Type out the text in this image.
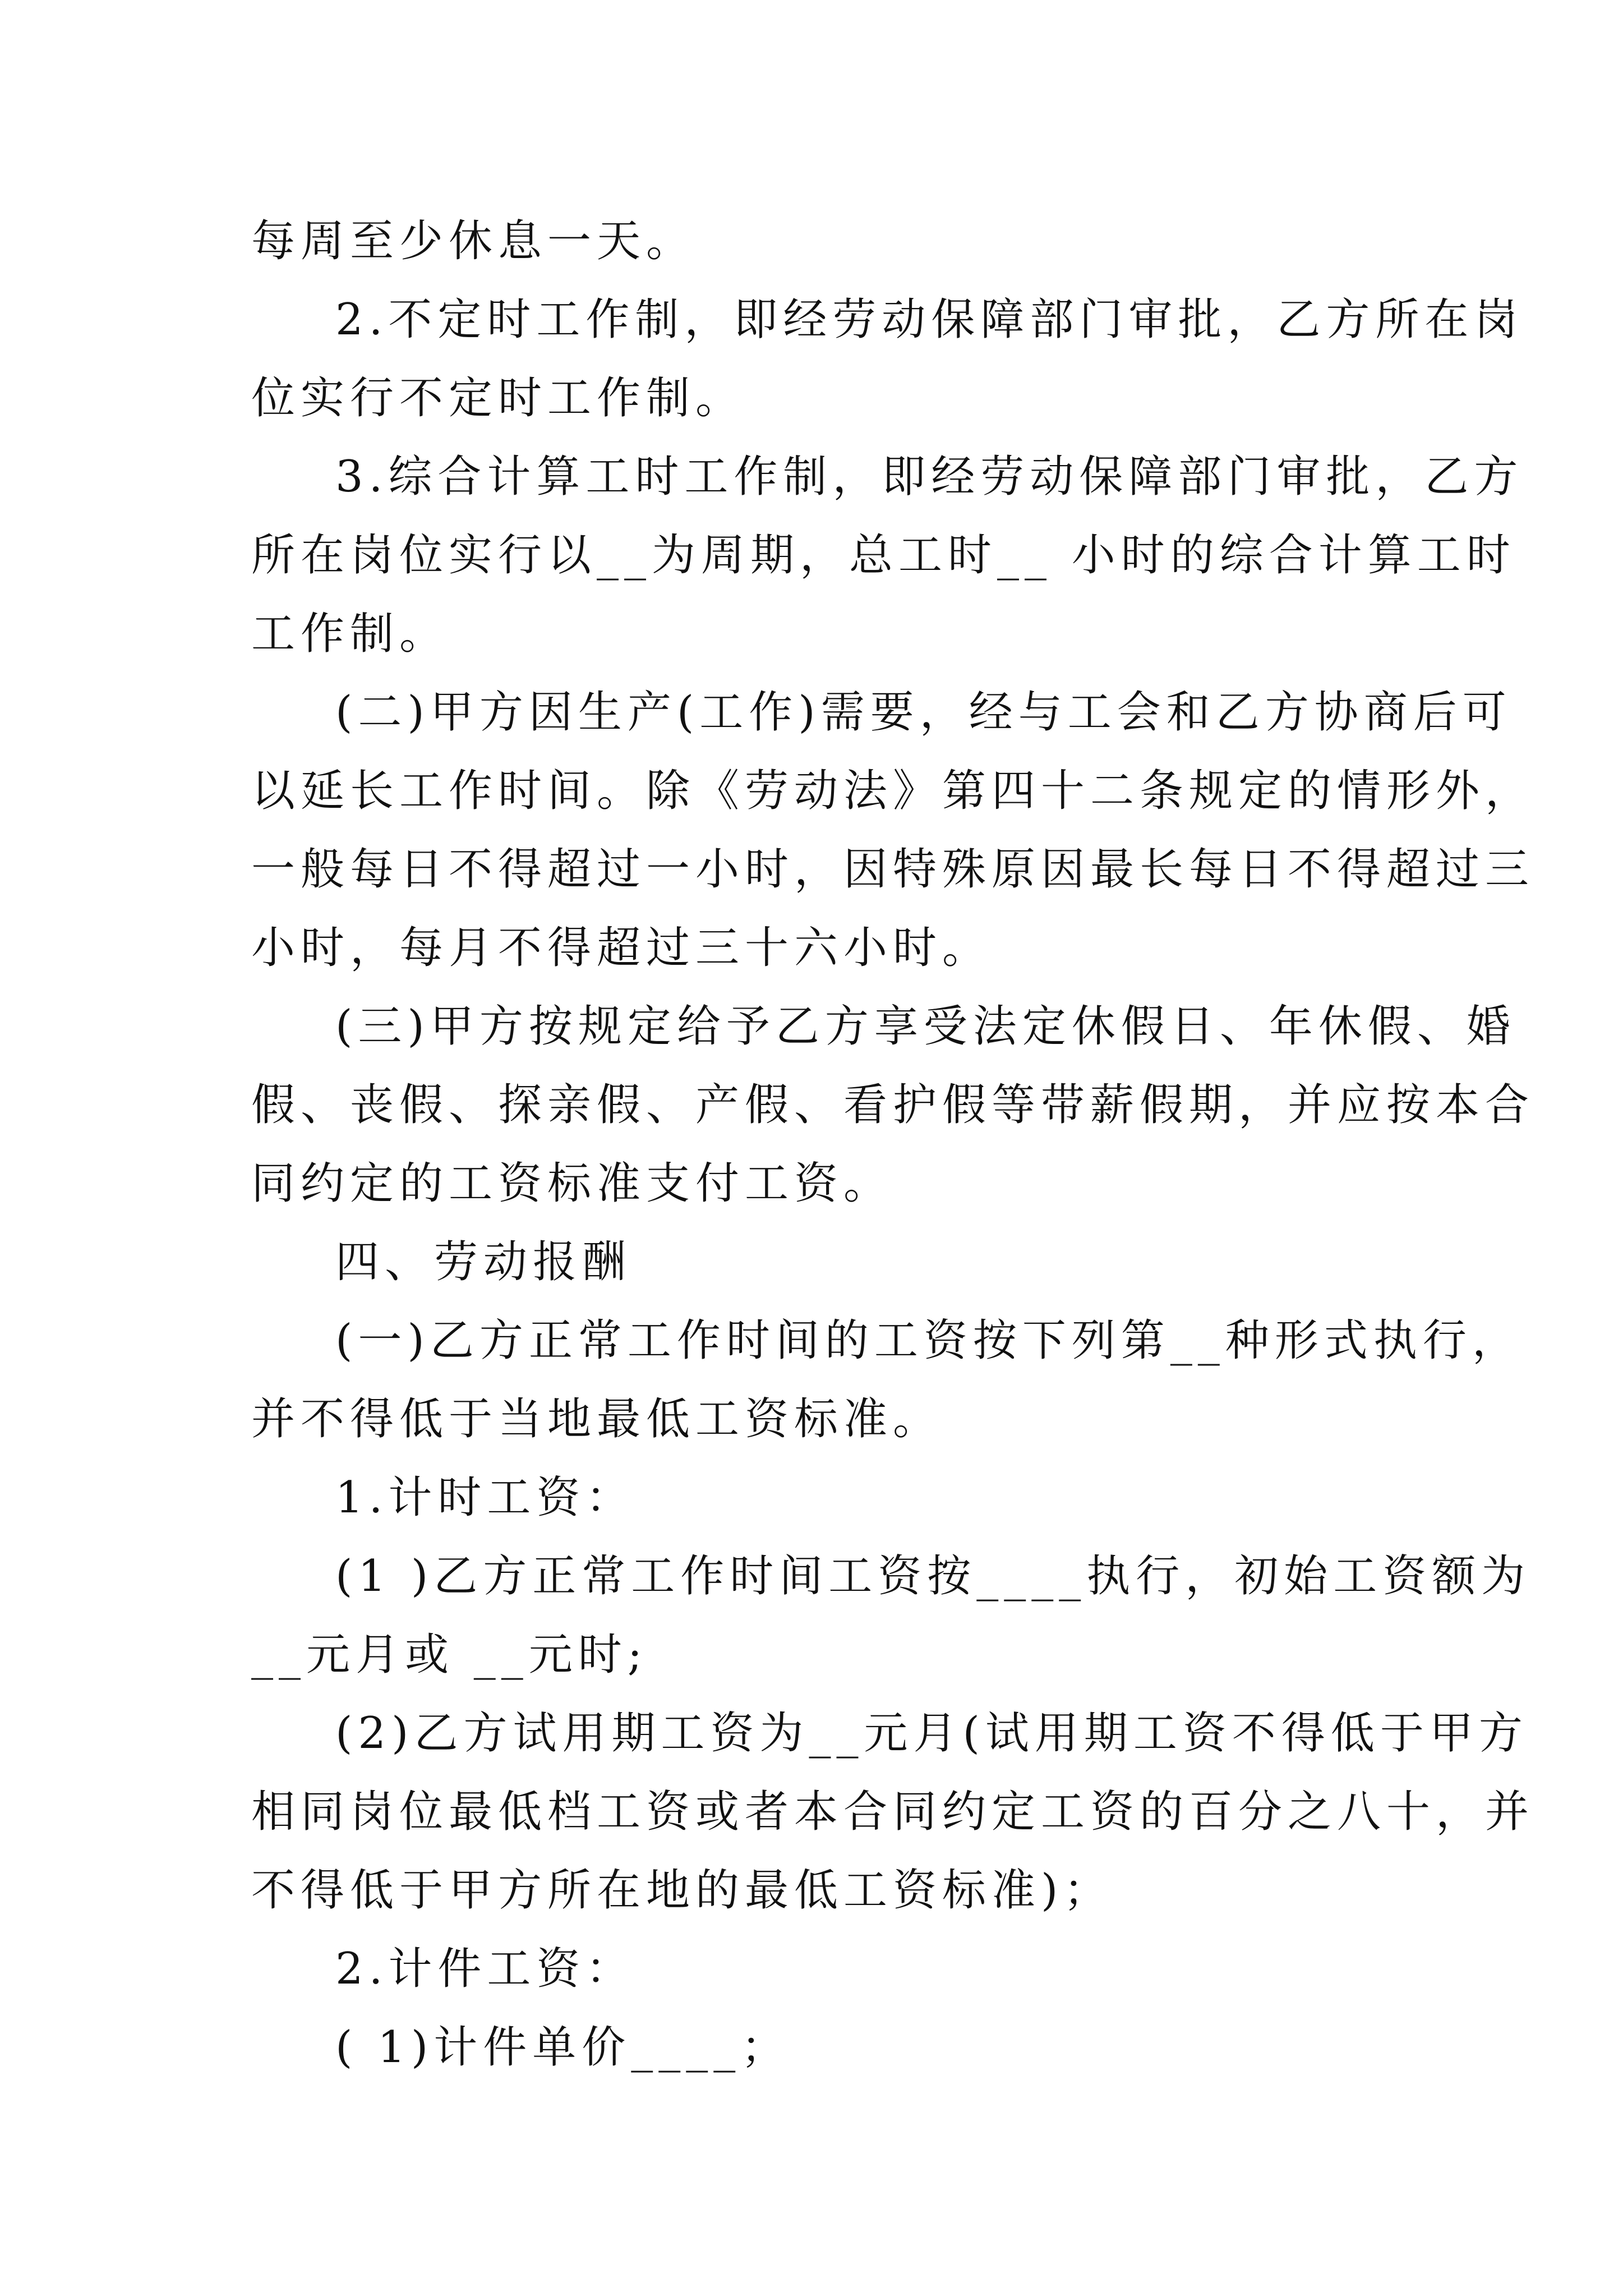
每周至少休息一天。
2.不定时工作制，即经劳动保障部门审批，乙方所在岗
位实行不定时工作制。
3.综合计算工时工作制，即经劳动保障部门审批，乙方
所在岗位实行以__为周期，总工时__ 小时的综合计算工时
工作制。
(二)甲方因生产(工作)需要，经与工会和乙方协商后可
以延长工作时间。除《劳动法》第四十二条规定的情形外，
一般每日不得超过一小时，因特殊原因最长每日不得超过三
小时，每月不得超过三十六小时。
(三)甲方按规定给予乙方享受法定休假日、年休假、婚
假、丧假、探亲假、产假、看护假等带薪假期，并应按本合
同约定的工资标准支付工资。
四、劳动报酬
(一)乙方正常工作时间的工资按下列第__种形式执行，
并不得低于当地最低工资标准。
1.计时工资：
(1 )乙方正常工作时间工资按____执行，初始工资额为
__元月或 __元时;
(2)乙方试用期工资为__元月(试用期工资不得低于甲方
相同岗位最低档工资或者本合同约定工资的百分之八十，并
不得低于甲方所在地的最低工资标准)；
2.计件工资：
( 1)计件单价____；
